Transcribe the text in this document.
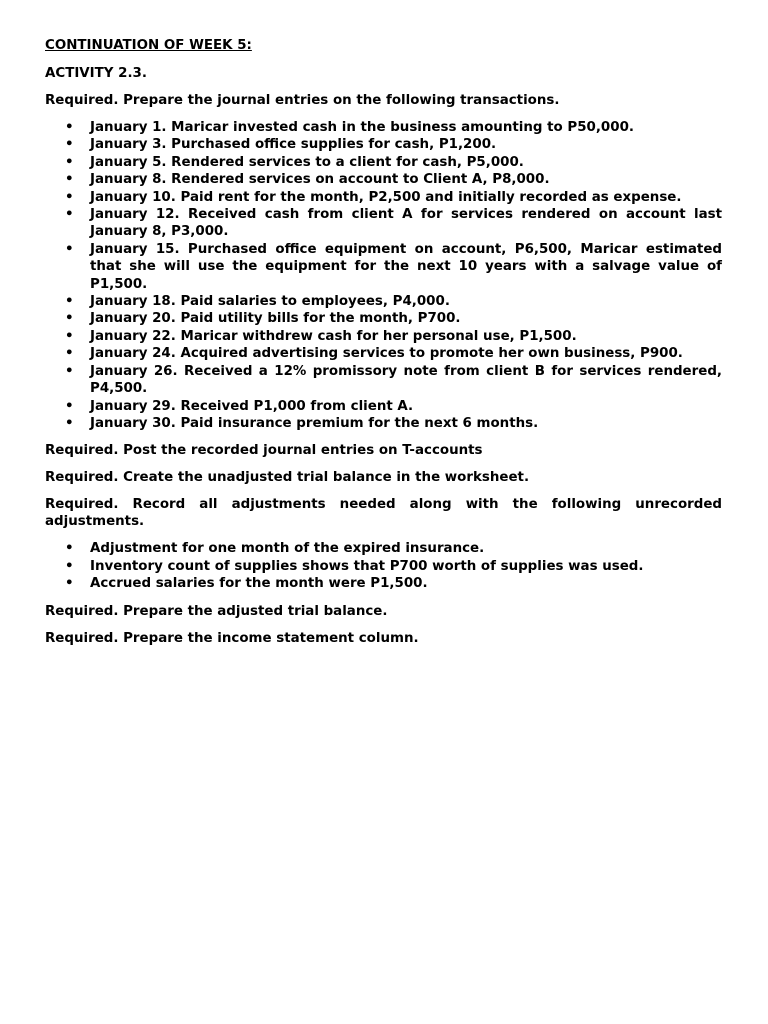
CONTINUATION OF WEEK 5:
ACTIVITY 2.3.
Required. Prepare the journal entries on the following transactions.
• January 1. Maricar invested cash in the business amounting to P50,000.
• January 3. Purchased office supplies for cash, P1,200.
• January 5. Rendered services to a client for cash, P5,000.
• January 8. Rendered services on account to Client A, P8,000.
• January 10. Paid rent for the month, P2,500 and initially recorded as expense.
• January 12. Received cash from client A for services rendered on account last January 8, P3,000.
• January 15. Purchased office equipment on account, P6,500, Maricar estimated that she will use the equipment for the next 10 years with a salvage value of P1,500.
• January 18. Paid salaries to employees, P4,000.
• January 20. Paid utility bills for the month, P700.
• January 22. Maricar withdrew cash for her personal use, P1,500.
• January 24. Acquired advertising services to promote her own business, P900.
• January 26. Received a 12% promissory note from client B for services rendered, P4,500.
• January 29. Received P1,000 from client A.
• January 30. Paid insurance premium for the next 6 months.
Required. Post the recorded journal entries on T-accounts
Required. Create the unadjusted trial balance in the worksheet.
Required. Record all adjustments needed along with the following unrecorded adjustments.
• Adjustment for one month of the expired insurance.
• Inventory count of supplies shows that P700 worth of supplies was used.
• Accrued salaries for the month were P1,500.
Required. Prepare the adjusted trial balance.
Required. Prepare the income statement column.
